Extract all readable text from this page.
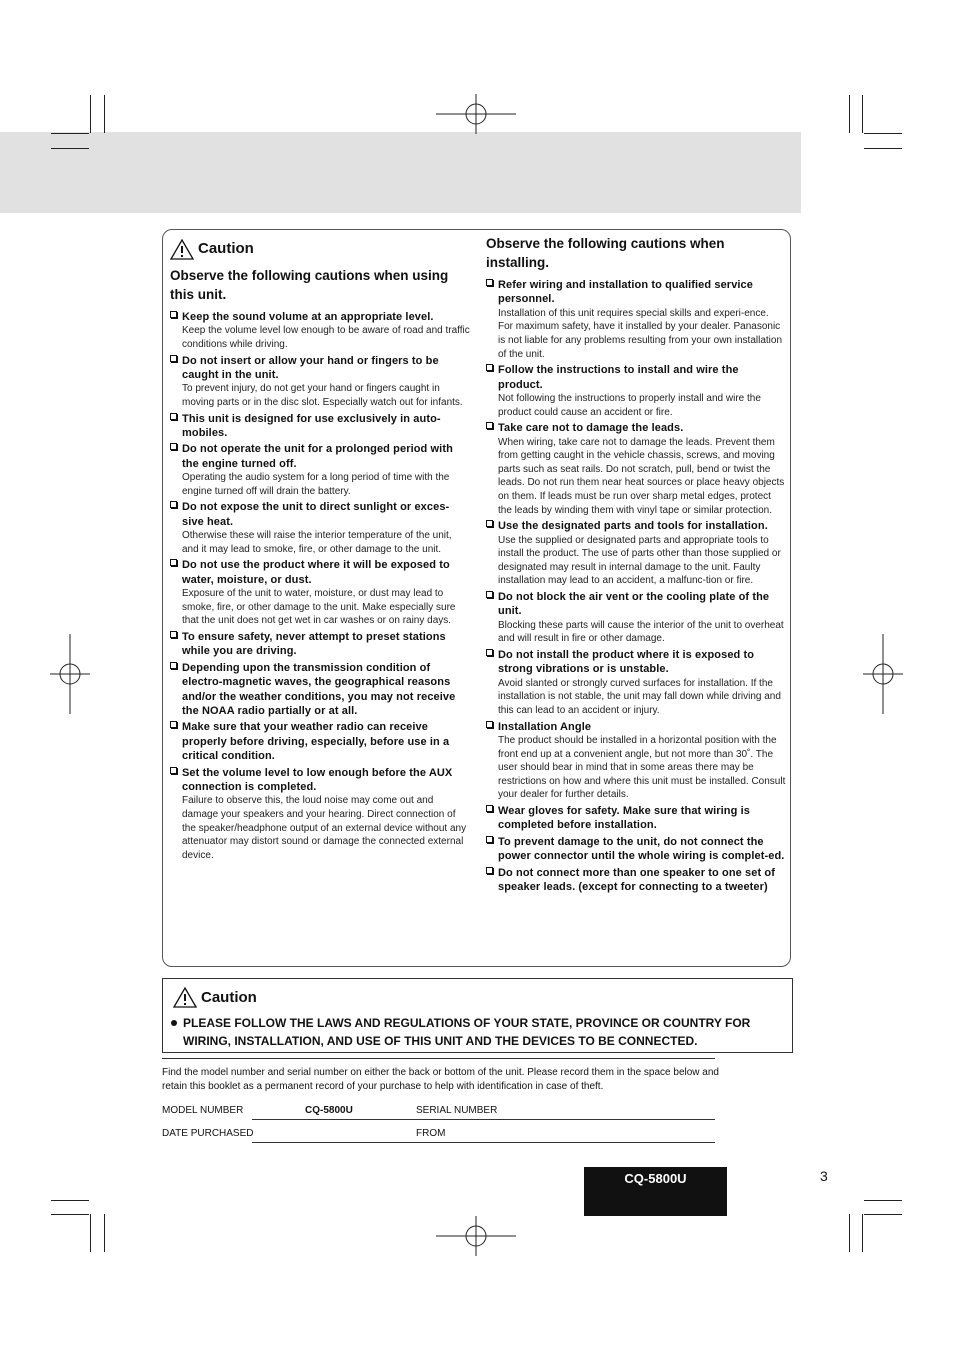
Caution
Observe the following cautions when using this unit.
Keep the sound volume at an appropriate level.
Keep the volume level low enough to be aware of road and traffic conditions while driving.
Do not insert or allow your hand or fingers to be caught in the unit.
To prevent injury, do not get your hand or fingers caught in moving parts or in the disc slot. Especially watch out for infants.
This unit is designed for use exclusively in auto-mobiles.
Do not operate the unit for a prolonged period with the engine turned off.
Operating the audio system for a long period of time with the engine turned off will drain the battery.
Do not expose the unit to direct sunlight or exces-sive heat.
Otherwise these will raise the interior temperature of the unit, and it may lead to smoke, fire, or other damage to the unit.
Do not use the product where it will be exposed to water, moisture, or dust.
Exposure of the unit to water, moisture, or dust may lead to smoke, fire, or other damage to the unit. Make especially sure that the unit does not get wet in car washes or on rainy days.
To ensure safety, never attempt to preset stations while you are driving.
Depending upon the transmission condition of electro-magnetic waves, the geographical reasons and/or the weather conditions, you may not receive the NOAA radio partially or at all.
Make sure that your weather radio can receive properly before driving, especially, before use in a critical condition.
Set the volume level to low enough before the AUX connection is completed.
Failure to observe this, the loud noise may come out and damage your speakers and your hearing. Direct connection of the speaker/headphone output of an external device without any attenuator may distort sound or damage the connected external device.
Observe the following cautions when installing.
Refer wiring and installation to qualified service personnel.
Installation of this unit requires special skills and experi-ence. For maximum safety, have it installed by your dealer. Panasonic is not liable for any problems resulting from your own installation of the unit.
Follow the instructions to install and wire the product.
Not following the instructions to properly install and wire the product could cause an accident or fire.
Take care not to damage the leads.
When wiring, take care not to damage the leads. Prevent them from getting caught in the vehicle chassis, screws, and moving parts such as seat rails. Do not scratch, pull, bend or twist the leads. Do not run them near heat sources or place heavy objects on them. If leads must be run over sharp metal edges, protect the leads by winding them with vinyl tape or similar protection.
Use the designated parts and tools for installation.
Use the supplied or designated parts and appropriate tools to install the product. The use of parts other than those supplied or designated may result in internal damage to the unit. Faulty installation may lead to an accident, a malfunc-tion or fire.
Do not block the air vent or the cooling plate of the unit.
Blocking these parts will cause the interior of the unit to overheat and will result in fire or other damage.
Do not install the product where it is exposed to strong vibrations or is unstable.
Avoid slanted or strongly curved surfaces for installation. If the installation is not stable, the unit may fall down while driving and this can lead to an accident or injury.
Installation Angle
The product should be installed in a horizontal position with the front end up at a convenient angle, but not more than 30˚. The user should bear in mind that in some areas there may be restrictions on how and where this unit must be installed. Consult your dealer for further details.
Wear gloves for safety. Make sure that wiring is completed before installation.
To prevent damage to the unit, do not connect the power connector until the whole wiring is complet-ed.
Do not connect more than one speaker to one set of speaker leads. (except for connecting to a tweeter)
Caution
PLEASE FOLLOW THE LAWS AND REGULATIONS OF YOUR STATE, PROVINCE OR COUNTRY FOR WIRING, INSTALLATION, AND USE OF THIS UNIT AND THE DEVICES TO BE CONNECTED.
Find the model number and serial number on either the back or bottom of the unit. Please record them in the space below and retain this booklet as a permanent record of your purchase to help with identification in case of theft.
MODEL NUMBER	CQ-5800U	SERIAL NUMBER
DATE PURCHASED	FROM
CQ-5800U	3
